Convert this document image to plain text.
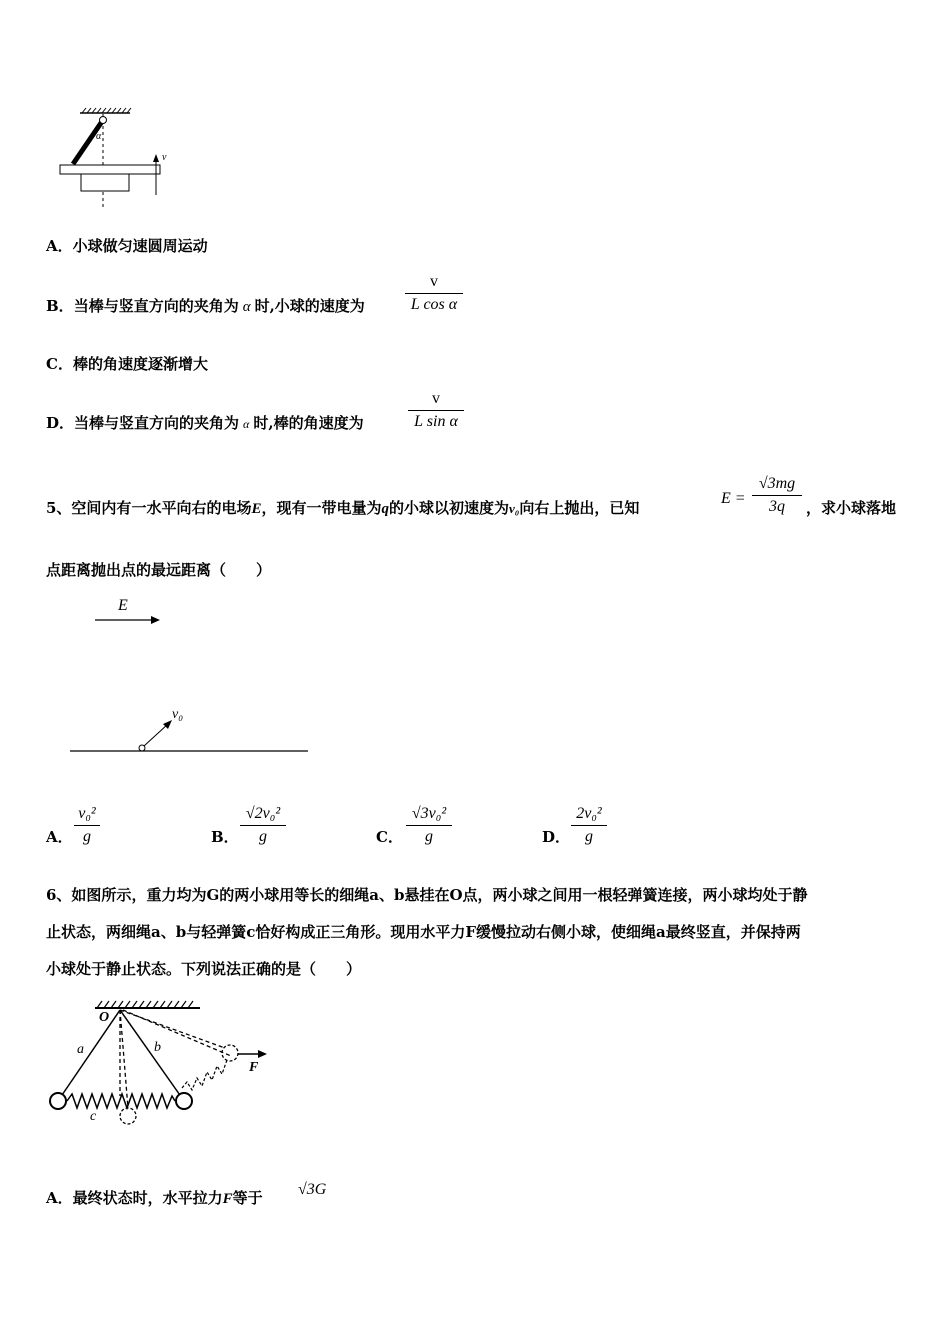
v
α
A．小球做匀速圆周运动
B．当棒与竖直方向的夹角为 α 时,小球的速度为
v
L cos α
C．棒的角速度逐渐增大
D．当棒与竖直方向的夹角为 α 时,棒的角速度为
v
L sin α
5、空间内有一水平向右的电场E，现有一带电量为q的小球以初速度为v₀向右上抛出，已知
E =
√3mg
3q	，求小球落地
点距离抛出点的最远距离（　　）
E
v₀
A．
v₀²
g	B．
√2v₀²
g	C．
√3v₀²
g	D．
2v₀²
g
6、如图所示，重力均为G的两小球用等长的细绳a、b悬挂在O点，两小球之间用一根轻弹簧连接，两小球均处于静
止状态，两细绳a、b与轻弹簧c恰好构成正三角形。现用水平力F缓慢拉动右侧小球，使细绳a最终竖直，并保持两
小球处于静止状态。下列说法正确的是（　　）
O
a	b
c
F
A．最终状态时，水平拉力F等于 √3G
